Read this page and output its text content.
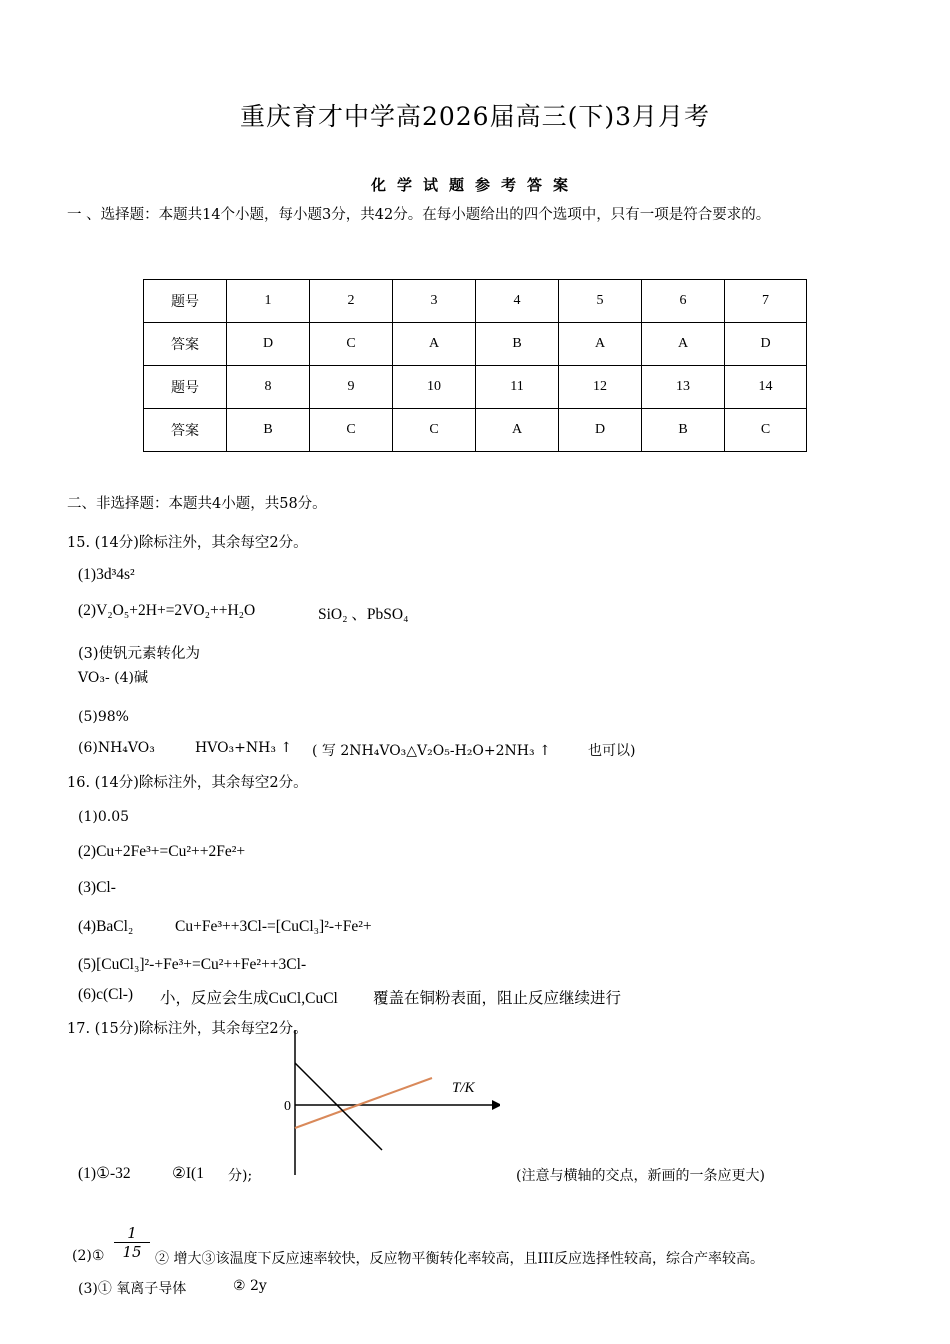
重庆育才中学高2026届高三(下)3月月考
化学试题参考答案
一 、选择题：本题共14个小题，每小题3分，共42分。在每小题给出的四个选项中，只有一项是符合要求的。
题号	1	2	3	4	5	6	7
答案	D	C	A	B	A	A	D
题号	8	9	10	11	12	13	14
答案	B	C	C	A	D	B	C
二、非选择题：本题共4小题，共58分。
15. (14分)除标注外，其余每空2分。
(1)3d³4s²
(2)V₂O₅+2H+=2VO₂++H₂O	SiO₂ 、PbSO₄
(3)使钒元素转化为
VO₃- (4)碱
(5)98%
(6)NH₄VO₃	HVO₃+NH₃ ↑ ( 写 2NH₄VO₃△V₂O₅-H₂O+2NH₃ ↑	也可以)
16. (14分)除标注外，其余每空2分。
(1)0.05
(2)Cu+2Fe³+=Cu²++2Fe²+
(3)Cl-
(4)BaCl₂	Cu+Fe³++3Cl-=[CuCl₃]²-+Fe²+
(5)[CuCl₃]²-+Fe³+=Cu²++Fe²++3Cl-
(6)c(Cl-) 小，反应会生成CuCl,CuCl 覆盖在铜粉表面，阻止反应继续进行
17. (15分)除标注外，其余每空2分。
T/K
0
(1)①-32	②I(1 分);	(注意与横轴的交点，新画的一条应更大)
(2)① $\frac{1}{15}$ ② 增大③该温度下反应速率较快，反应物平衡转化率较高，且III反应选择性较高，综合产率较高。
(3)① 氧离子导体	② 2y
